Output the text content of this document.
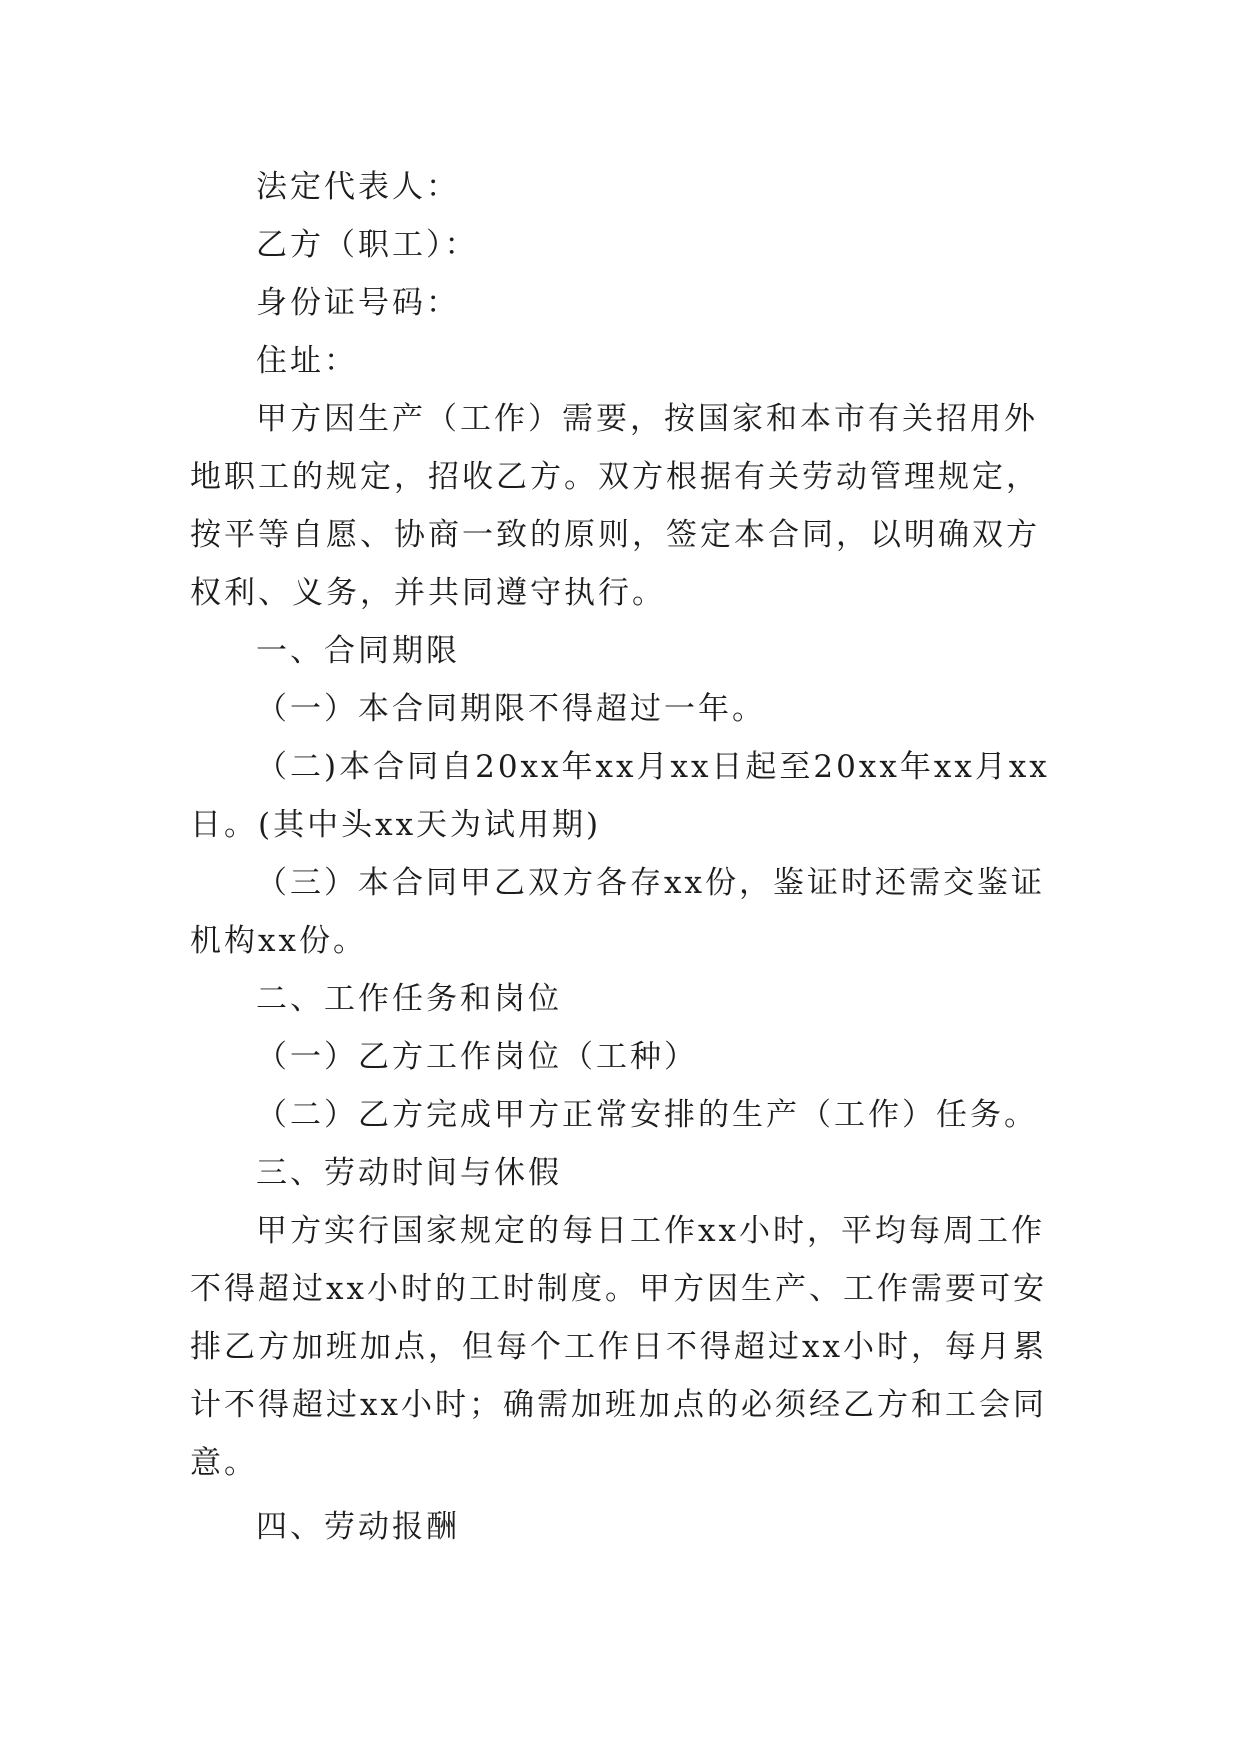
法定代表人：

乙方（职工）：

身份证号码：

住址：

甲方因生产（工作）需要，按国家和本市有关招用外地职工的规定，招收乙方。双方根据有关劳动管理规定，按平等自愿、协商一致的原则，签定本合同，以明确双方权利、义务，并共同遵守执行。

一、合同期限

（一）本合同期限不得超过一年。

（二)本合同自20xx年xx月xx日起至20xx年xx月xx日。(其中头xx天为试用期)

（三）本合同甲乙双方各存xx份，鉴证时还需交鉴证机构xx份。

二、工作任务和岗位

（一）乙方工作岗位（工种）

（二）乙方完成甲方正常安排的生产（工作）任务。

三、劳动时间与休假

甲方实行国家规定的每日工作xx小时，平均每周工作不得超过xx小时的工时制度。甲方因生产、工作需要可安排乙方加班加点，但每个工作日不得超过xx小时，每月累计不得超过xx小时；确需加班加点的必须经乙方和工会同意。

四、劳动报酬
